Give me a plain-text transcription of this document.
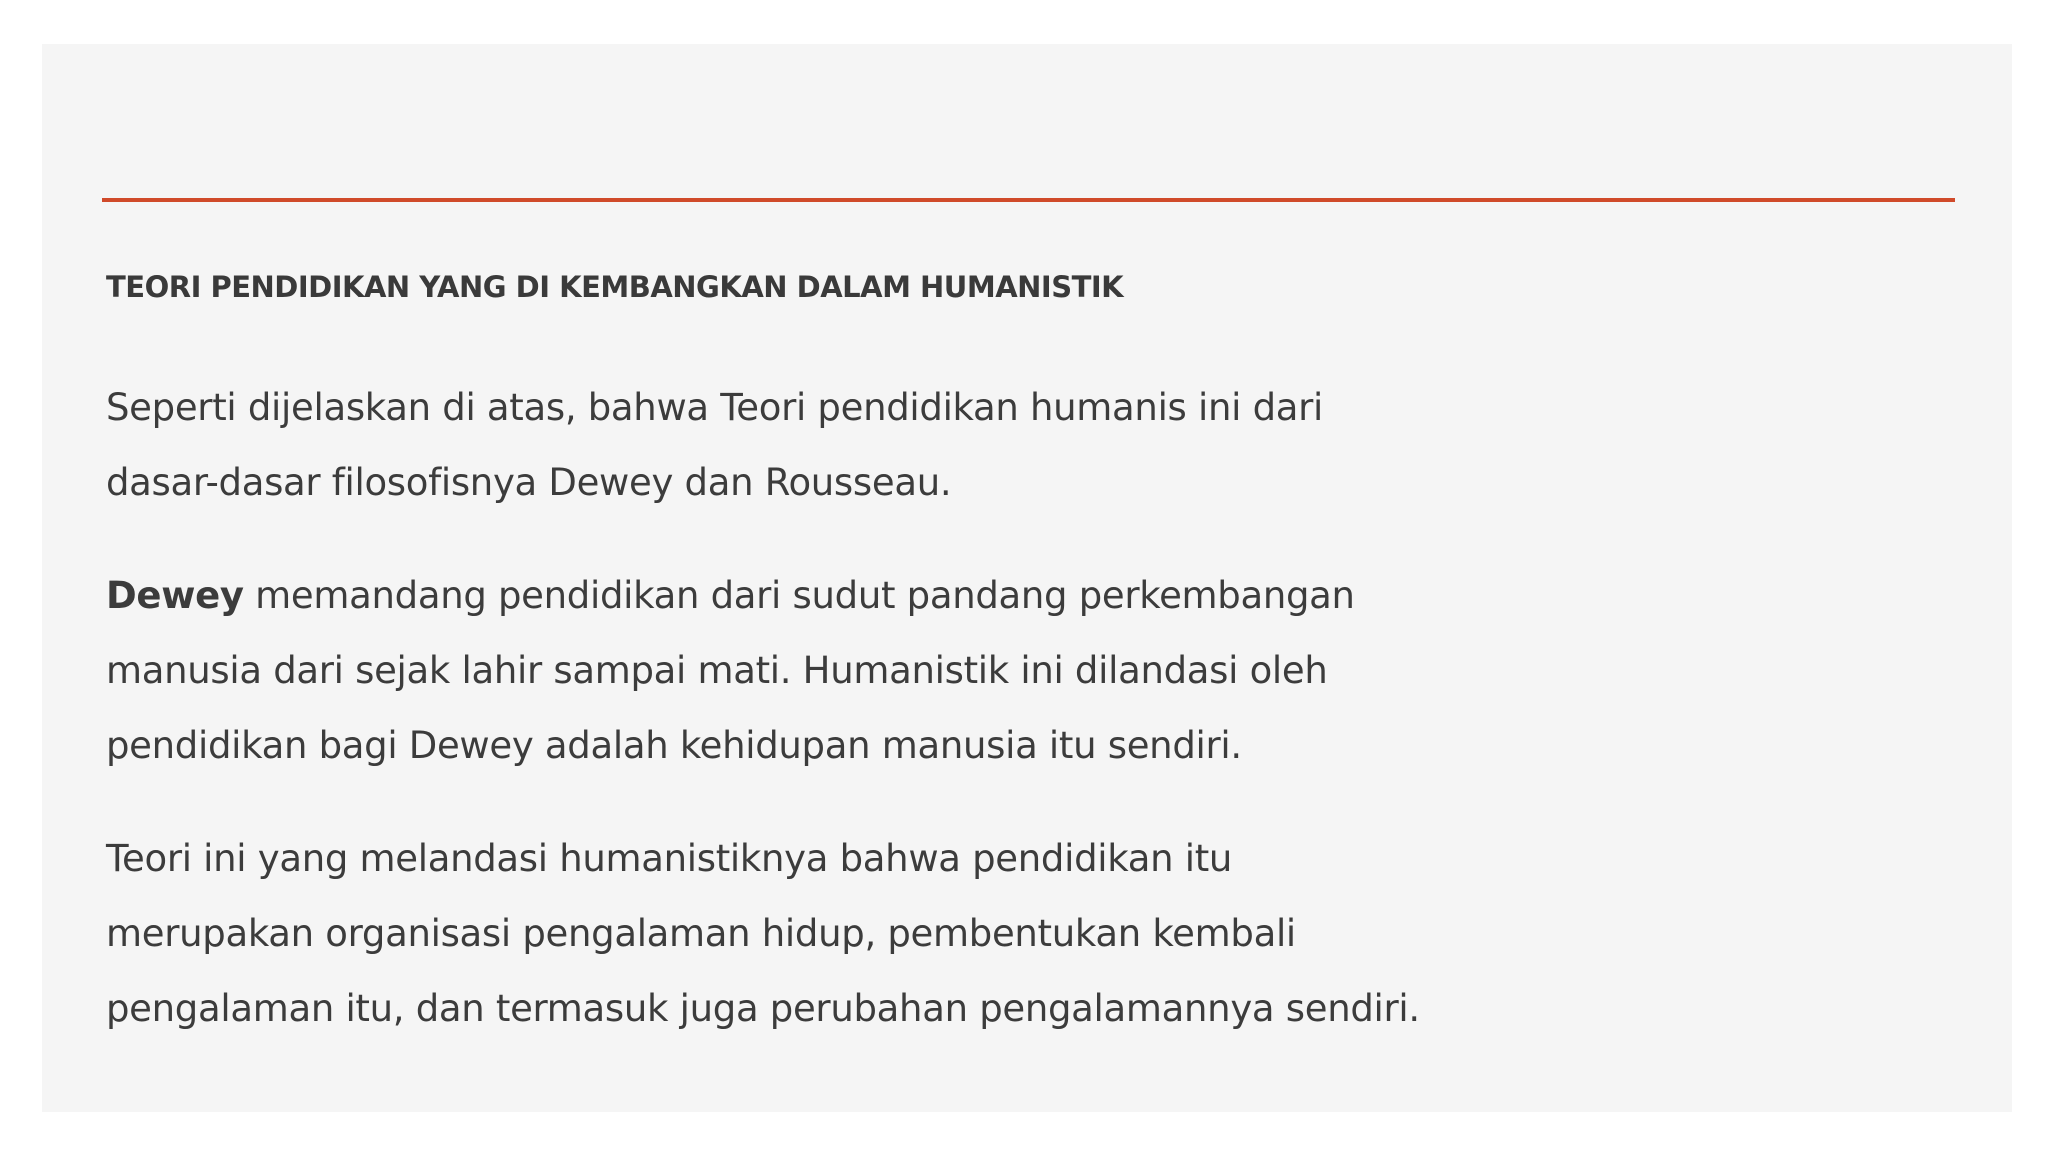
TEORI PENDIDIKAN YANG DI KEMBANGKAN DALAM HUMANISTIK

Seperti dijelaskan di atas, bahwa Teori pendidikan humanis ini dari
dasar-dasar filosofisnya Dewey dan Rousseau.

Dewey memandang pendidikan dari sudut pandang perkembangan
manusia dari sejak lahir sampai mati. Humanistik ini dilandasi oleh
pendidikan bagi Dewey adalah kehidupan manusia itu sendiri.

Teori ini yang melandasi humanistiknya bahwa pendidikan itu
merupakan organisasi pengalaman hidup, pembentukan kembali
pengalaman itu, dan termasuk juga perubahan pengalamannya sendiri.
